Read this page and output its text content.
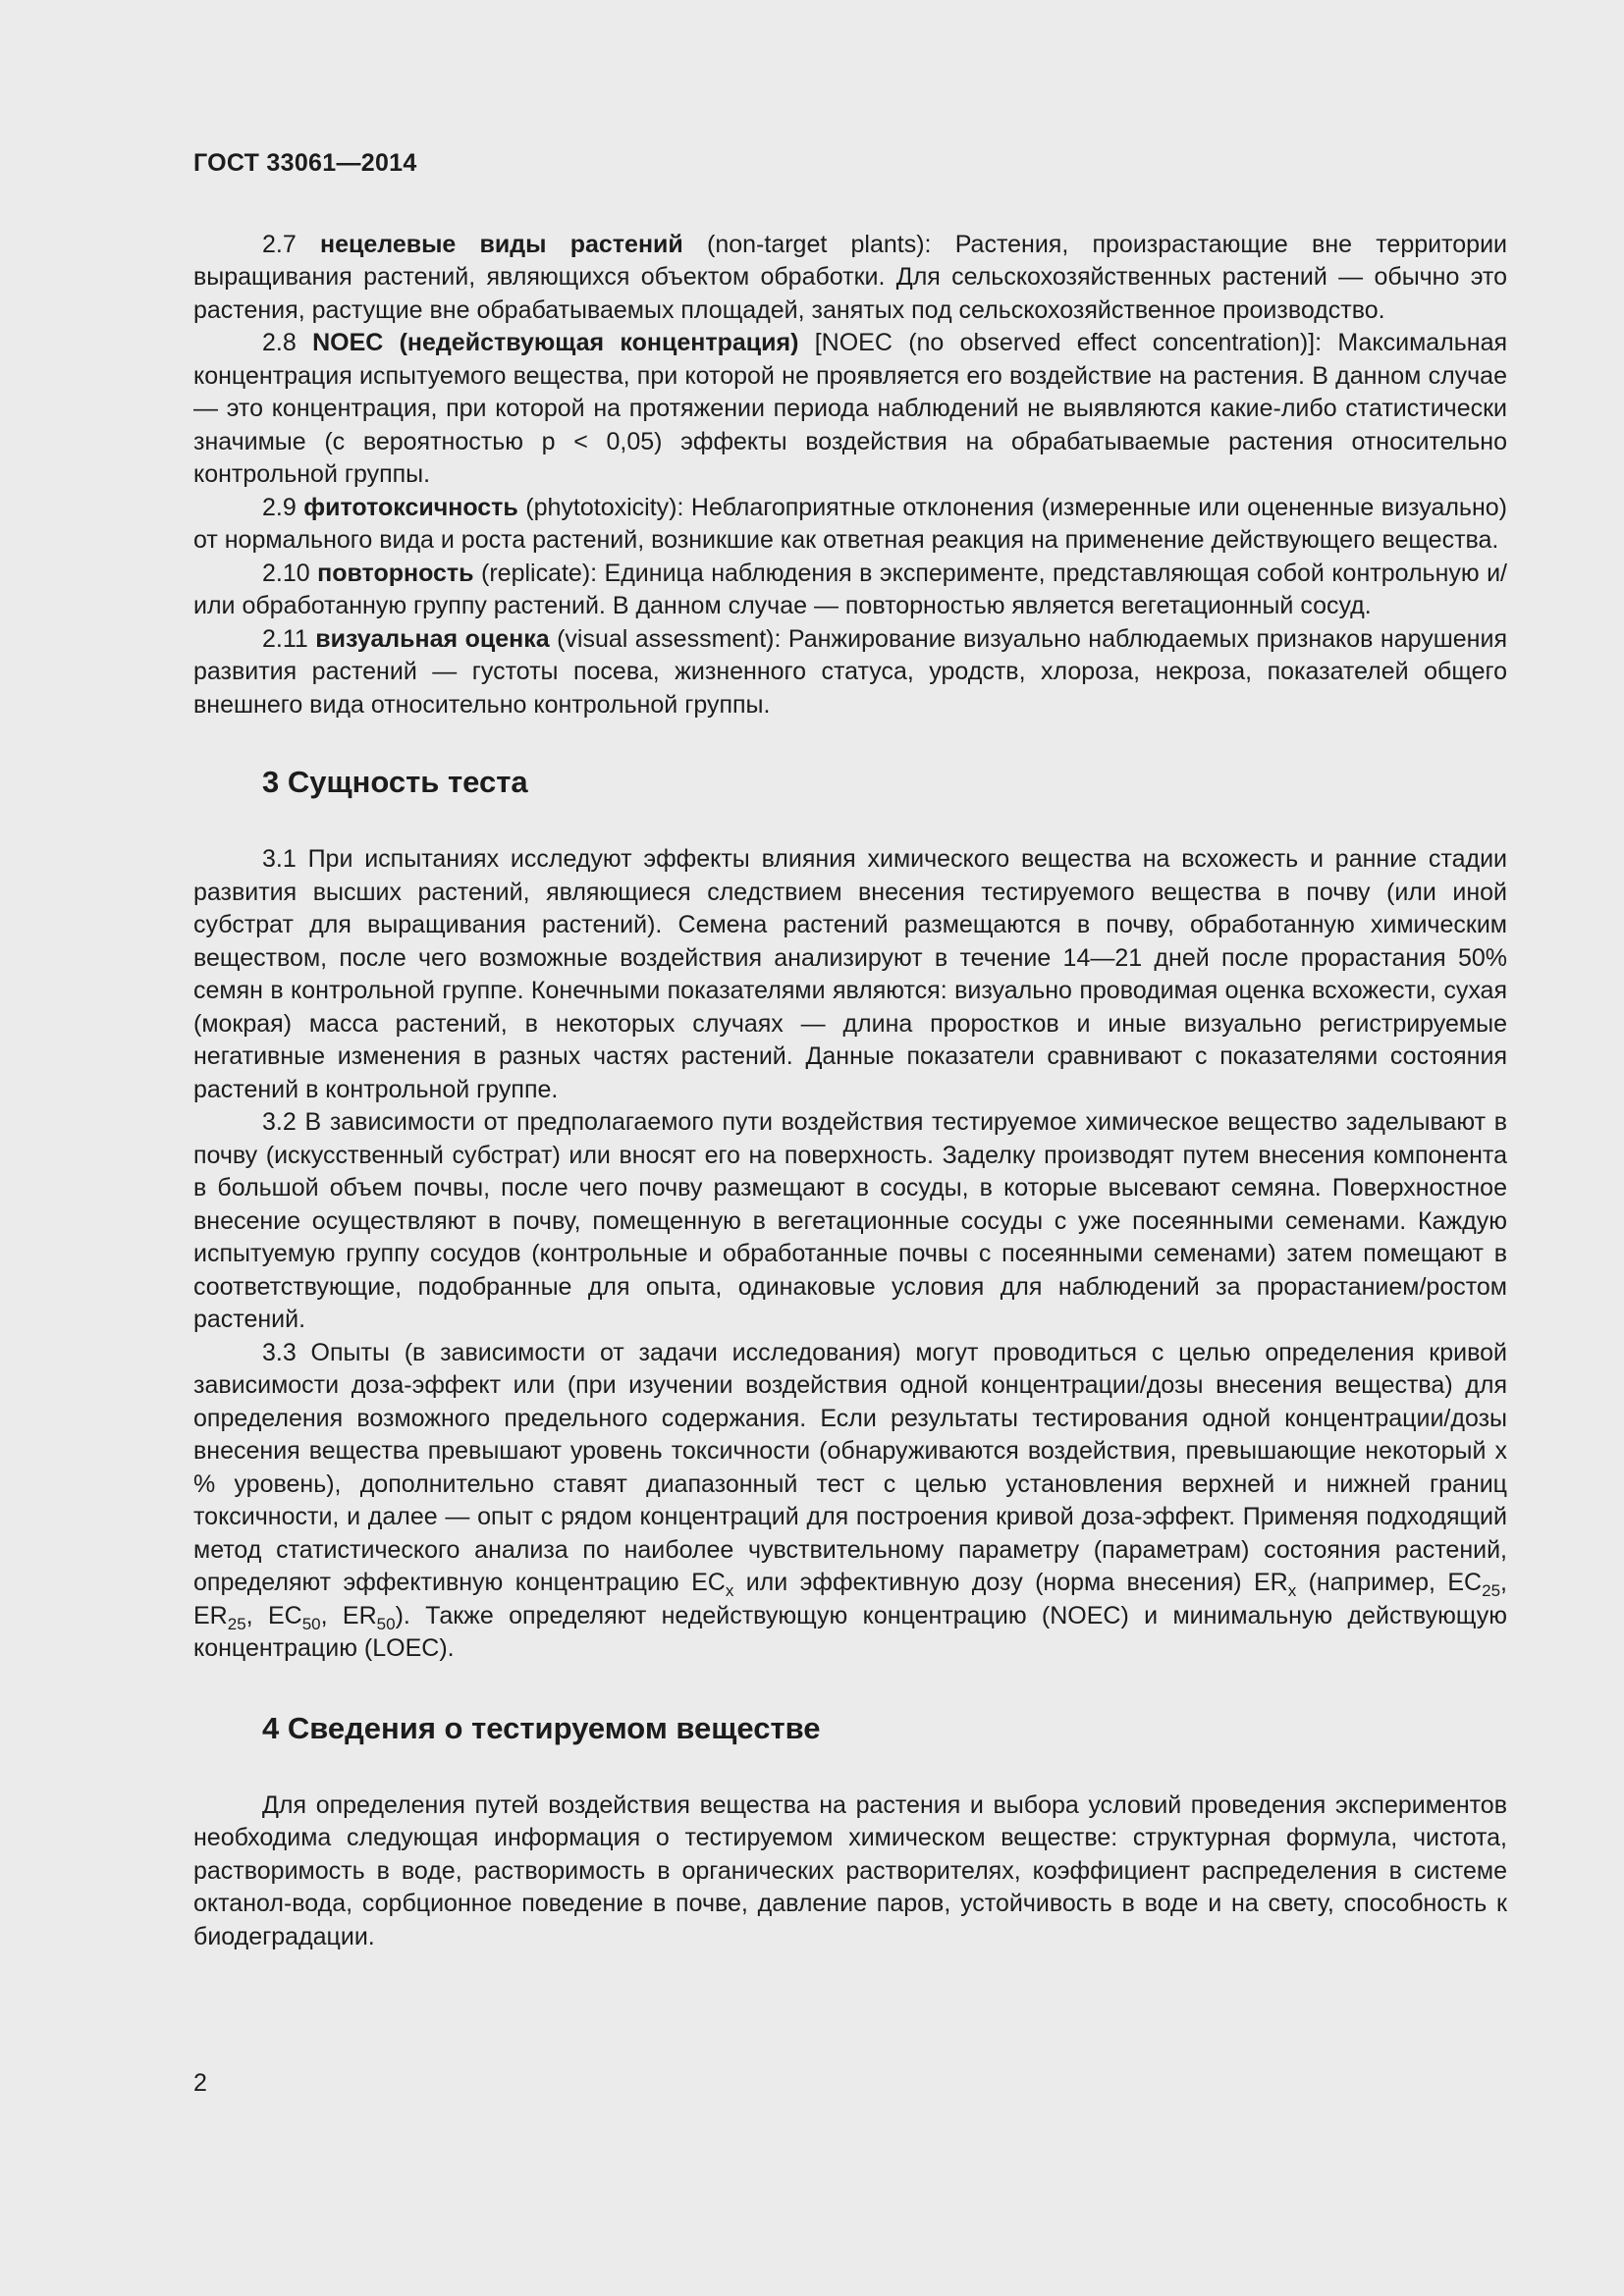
ГОСТ 33061—2014

2.7 нецелевые виды растений (non-target plants): Растения, произрастающие вне территории выращивания растений, являющихся объектом обработки. Для сельскохозяйственных растений — обычно это растения, растущие вне обрабатываемых площадей, занятых под сельскохозяйственное производство.

2.8 NOEC (недействующая концентрация) [NOEC (no observed effect concentration)]: Максимальная концентрация испытуемого вещества, при которой не проявляется его воздействие на растения. В данном случае — это концентрация, при которой на протяжении периода наблюдений не выявляются какие-либо статистически значимые (с вероятностью p < 0,05) эффекты воздействия на обрабатываемые растения относительно контрольной группы.

2.9 фитотоксичность (phytotoxicity): Неблагоприятные отклонения (измеренные или оцененные визуально) от нормального вида и роста растений, возникшие как ответная реакция на применение действующего вещества.

2.10 повторность (replicate): Единица наблюдения в эксперименте, представляющая собой контрольную и/или обработанную группу растений. В данном случае — повторностью является вегетационный сосуд.

2.11 визуальная оценка (visual assessment): Ранжирование визуально наблюдаемых признаков нарушения развития растений — густоты посева, жизненного статуса, уродств, хлороза, некроза, показателей общего внешнего вида относительно контрольной группы.

3 Сущность теста

3.1 При испытаниях исследуют эффекты влияния химического вещества на всхожесть и ранние стадии развития высших растений, являющиеся следствием внесения тестируемого вещества в почву (или иной субстрат для выращивания растений). Семена растений размещаются в почву, обработанную химическим веществом, после чего возможные воздействия анализируют в течение 14—21 дней после прорастания 50% семян в контрольной группе. Конечными показателями являются: визуально проводимая оценка всхожести, сухая (мокрая) масса растений, в некоторых случаях — длина проростков и иные визуально регистрируемые негативные изменения в разных частях растений. Данные показатели сравнивают с показателями состояния растений в контрольной группе.

3.2 В зависимости от предполагаемого пути воздействия тестируемое химическое вещество заделывают в почву (искусственный субстрат) или вносят его на поверхность. Заделку производят путем внесения компонента в большой объем почвы, после чего почву размещают в сосуды, в которые высевают семяна. Поверхностное внесение осуществляют в почву, помещенную в вегетационные сосуды с уже посеянными семенами. Каждую испытуемую группу сосудов (контрольные и обработанные почвы с посеянными семенами) затем помещают в соответствующие, подобранные для опыта, одинаковые условия для наблюдений за прорастанием/ростом растений.

3.3 Опыты (в зависимости от задачи исследования) могут проводиться с целью определения кривой зависимости доза-эффект или (при изучении воздействия одной концентрации/дозы внесения вещества) для определения возможного предельного содержания. Если результаты тестирования одной концентрации/дозы внесения вещества превышают уровень токсичности (обнаруживаются воздействия, превышающие некоторый x % уровень), дополнительно ставят диапазонный тест с целью установления верхней и нижней границ токсичности, и далее — опыт с рядом концентраций для построения кривой доза-эффект. Применяя подходящий метод статистического анализа по наиболее чувствительному параметру (параметрам) состояния растений, определяют эффективную концентрацию $EC_x$ или эффективную дозу (норма внесения) $ER_x$ (например, $EC_{25}$, $ER_{25}$, $EC_{50}$, $ER_{50}$). Также определяют недействующую концентрацию (NOEC) и минимальную действующую концентрацию (LOEC).

4 Сведения о тестируемом веществе

Для определения путей воздействия вещества на растения и выбора условий проведения экспериментов необходима следующая информация о тестируемом химическом веществе: структурная формула, чистота, растворимость в воде, растворимость в органических растворителях, коэффициент распределения в системе октанол-вода, сорбционное поведение в почве, давление паров, устойчивость в воде и на свету, способность к биодеградации.

2
